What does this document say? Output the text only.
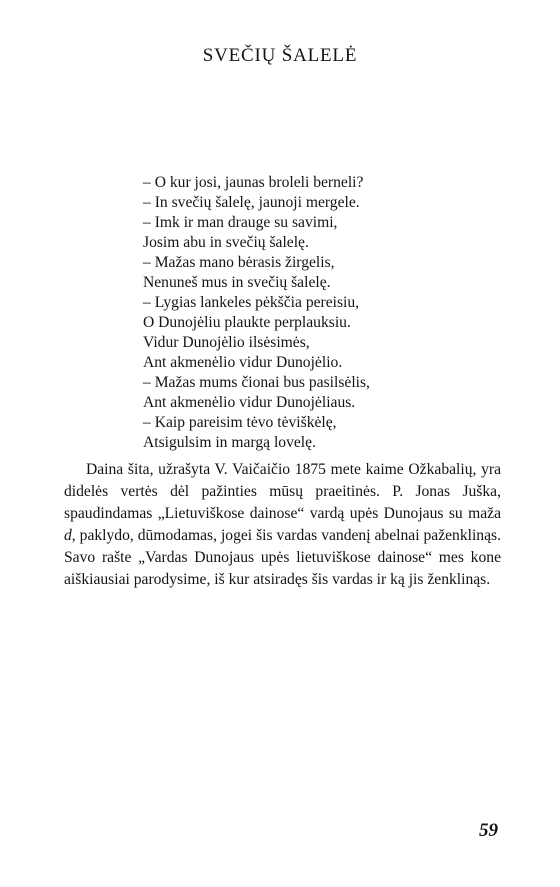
SVEČIŲ ŠALELĖ
– O kur josi, jaunas broleli berneli?
– In svečių šalelę, jaunoji mergele.
– Imk ir man drauge su savimi,
Josim abu in svečių šalelę.
– Mažas mano bėrasis žirgelis,
Nenuneš mus in svečių šalelę.
– Lygias lankeles pėkščia pereisiu,
O Dunojėliu plaukte perplauksiu.
Vidur Dunojėlio ilsėsimės,
Ant akmenėlio vidur Dunojėlio.
– Mažas mums čionai bus pasilsėlis,
Ant akmenėlio vidur Dunojėliaus.
– Kaip pareisim tėvo tėviškėlę,
Atsigulsim in margą lovelę.

Daina šita, užrašyta V. Vaičaičio 1875 mete kaime Ožkabalių, yra didelės vertės dėl pažinties mūsų praeitinės. P. Jonas Juška, spaudindamas „Lietuviškose dainose“ vardą upės Dunojaus su maža d, paklydo, dūmodamas, jogei šis vardas vandenį abelnai paženklinąs. Savo rašte „Vardas Dunojaus upės lietuviškose dainose“ mes kone aiškiausiai parodysime, iš kur atsiradęs šis vardas ir ką jis ženklinąs.

59
